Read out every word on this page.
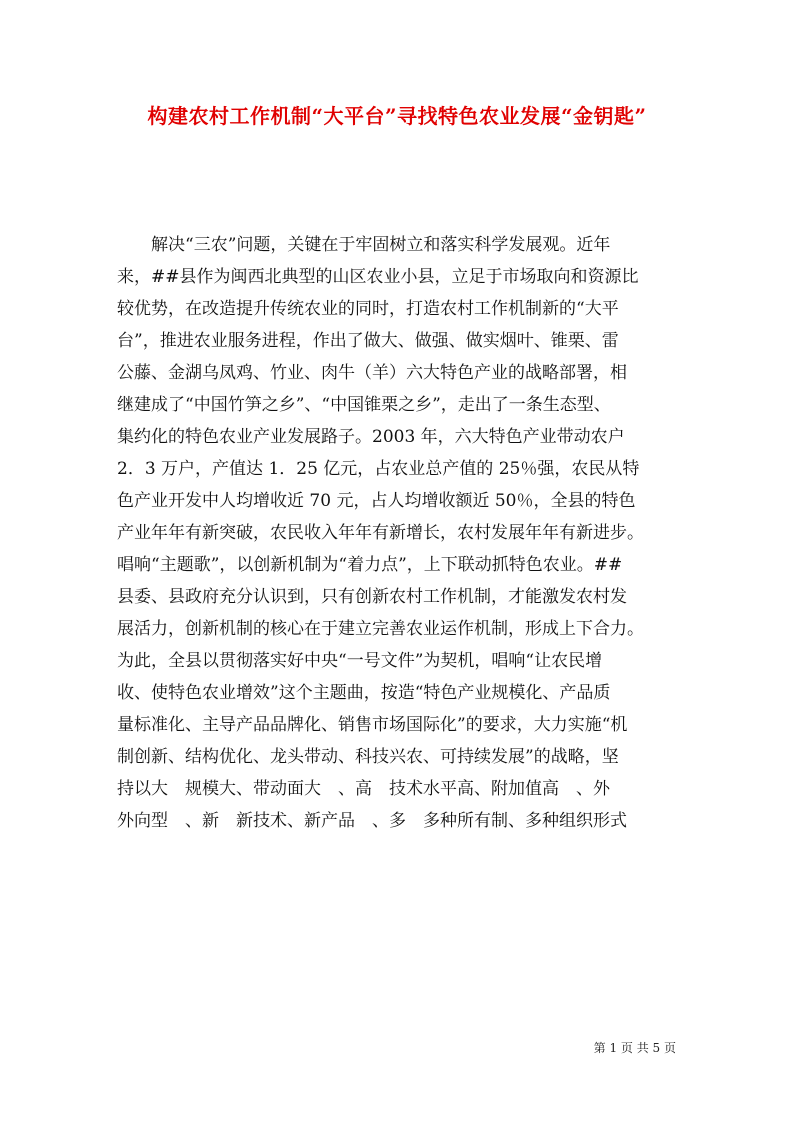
构建农村工作机制“大平台”寻找特色农业发展“金钥匙”
解决“三农”问题，关键在于牢固树立和落实科学发展观。近年
来，##县作为闽西北典型的山区农业小县，立足于市场取向和资源比
较优势，在改造提升传统农业的同时，打造农村工作机制新的“大平
台”，推进农业服务进程，作出了做大、做强、做实烟叶、锥栗、雷
公藤、金湖乌凤鸡、竹业、肉牛（羊）六大特色产业的战略部署，相
继建成了“中国竹笋之乡”、“中国锥栗之乡”，走出了一条生态型、
集约化的特色农业产业发展路子。2003 年，六大特色产业带动农户
2．3 万户，产值达 1．25 亿元，占农业总产值的 25％强，农民从特
色产业开发中人均增收近 70 元，占人均增收额近 50％，全县的特色
产业年年有新突破，农民收入年年有新增长，农村发展年年有新进步。
唱响“主题歌”，以创新机制为“着力点”，上下联动抓特色农业。##
县委、县政府充分认识到，只有创新农村工作机制，才能激发农村发
展活力，创新机制的核心在于建立完善农业运作机制，形成上下合力。
为此，全县以贯彻落实好中央“一号文件”为契机，唱响“让农民增
收、使特色农业增效”这个主题曲，按造“特色产业规模化、产品质
量标准化、主导产品品牌化、销售市场国际化”的要求，大力实施“机
制创新、结构优化、龙头带动、科技兴农、可持续发展”的战略，坚
持以大　规模大、带动面大　、高　技术水平高、附加值高　、外
外向型　、新　新技术、新产品　、多　多种所有制、多种组织形式
第 1 页 共 5 页
